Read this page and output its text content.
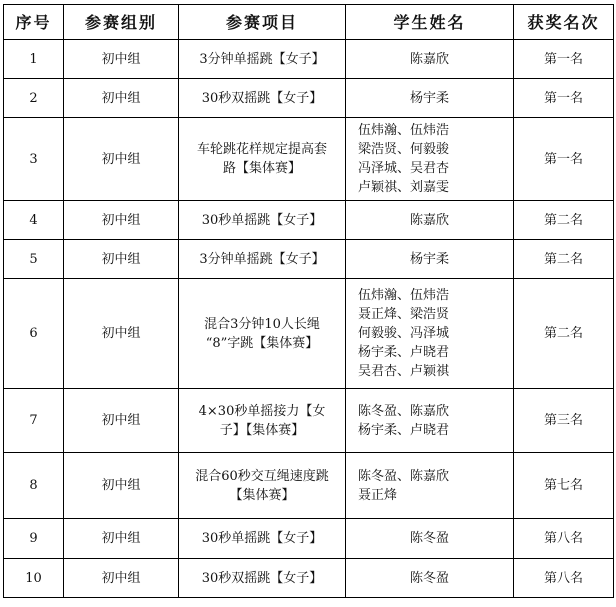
序号	参赛组别	参赛项目	学生姓名	获奖名次
1	初中组	3分钟单摇跳【女子】	陈嘉欣	第一名
2	初中组	30秒双摇跳【女子】	杨宇柔	第一名
3	初中组	车轮跳花样规定提高套
路【集体赛】	伍炜瀚、伍炜浩
梁浩贤、何毅骏
冯泽城、吴君杏
卢颖祺、刘嘉雯	第一名
4	初中组	30秒单摇跳【女子】	陈嘉欣	第二名
5	初中组	3分钟单摇跳【女子】	杨宇柔	第二名
6	初中组	混合3分钟10人长绳
“8”字跳【集体赛】	伍炜瀚、伍炜浩
聂正烽、梁浩贤
何毅骏、冯泽城
杨宇柔、卢晓君
吴君杏、卢颖祺	第二名
7	初中组	4×30秒单摇接力【女
子】【集体赛】	陈冬盈、陈嘉欣
杨宇柔、卢晓君	第三名
8	初中组	混合60秒交互绳速度跳
【集体赛】	陈冬盈、陈嘉欣
聂正烽	第七名
9	初中组	30秒单摇跳【女子】	陈冬盈	第八名
10	初中组	30秒双摇跳【女子】	陈冬盈	第八名
